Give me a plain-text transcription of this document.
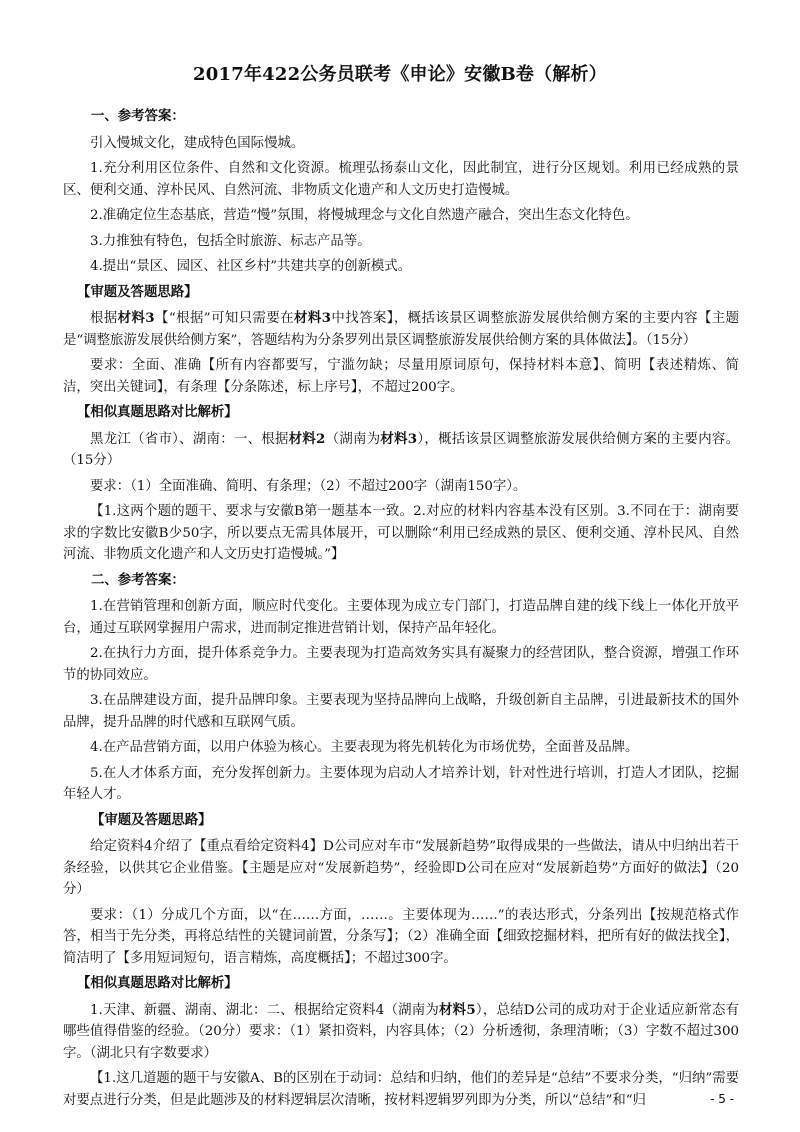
2017年422公务员联考《申论》安徽B卷（解析）

一、参考答案：

引入慢城文化，建成特色国际慢城。

1.充分利用区位条件、自然和文化资源。梳理弘扬泰山文化，因此制宜，进行分区规划。利用已经成熟的景区、便利交通、淳朴民风、自然河流、非物质文化遗产和人文历史打造慢城。

2.准确定位生态基底，营造“慢”氛围，将慢城理念与文化自然遗产融合，突出生态文化特色。

3.力推独有特色，包括全时旅游、标志产品等。

4.提出“景区、园区、社区乡村”共建共享的创新模式。

【审题及答题思路】

根据材料3【“根据”可知只需要在材料3中找答案】，概括该景区调整旅游发展供给侧方案的主要内容【主题是“调整旅游发展供给侧方案”，答题结构为分条罗列出景区调整旅游发展供给侧方案的具体做法】。（15分）

要求：全面、准确【所有内容都要写，宁滥勿缺；尽量用原词原句，保持材料本意】、简明【表述精炼、简洁，突出关键词】，有条理【分条陈述，标上序号】，不超过200字。

【相似真题思路对比解析】

黑龙江（省市）、湖南：一、根据材料2（湖南为材料3），概括该景区调整旅游发展供给侧方案的主要内容。（15分）

要求：（1）全面准确、简明、有条理；（2）不超过200字（湖南150字）。

【1.这两个题的题干、要求与安徽B第一题基本一致。2.对应的材料内容基本没有区别。3.不同在于：湖南要求的字数比安徽B少50字，所以要点无需具体展开，可以删除“利用已经成熟的景区、便利交通、淳朴民风、自然河流、非物质文化遗产和人文历史打造慢城。”】

二、参考答案：

1.在营销管理和创新方面，顺应时代变化。主要体现为成立专门部门，打造品牌自建的线下线上一体化开放平台，通过互联网掌握用户需求，进而制定推进营销计划，保持产品年轻化。

2.在执行力方面，提升体系竞争力。主要表现为打造高效务实具有凝聚力的经营团队，整合资源，增强工作环节的协同效应。

3.在品牌建设方面，提升品牌印象。主要表现为坚持品牌向上战略，升级创新自主品牌，引进最新技术的国外品牌，提升品牌的时代感和互联网气质。

4.在产品营销方面，以用户体验为核心。主要表现为将先机转化为市场优势，全面普及品牌。

5.在人才体系方面，充分发挥创新力。主要体现为启动人才培养计划，针对性进行培训，打造人才团队，挖掘年轻人才。

【审题及答题思路】

给定资料4介绍了【重点看给定资料4】D公司应对车市“发展新趋势”取得成果的一些做法，请从中归纳出若干条经验，以供其它企业借鉴。【主题是应对“发展新趋势”，经验即D公司在应对“发展新趋势”方面好的做法】（20分）

要求：（1）分成几个方面，以“在……方面，……。主要体现为……”的表达形式，分条列出【按规范格式作答，相当于先分类，再将总结性的关键词前置，分条写】；（2）准确全面【细致挖掘材料，把所有好的做法找全】，简洁明了【多用短词短句，语言精炼，高度概括】；不超过300字。

【相似真题思路对比解析】

1.天津、新疆、湖南、湖北：二、根据给定资料4（湖南为材料5），总结D公司的成功对于企业适应新常态有哪些值得借鉴的经验。（20分）要求：（1）紧扣资料，内容具体；（2）分析透彻，条理清晰；（3）字数不超过300字。（湖北只有字数要求）

【1.这几道题的题干与安徽A、B的区别在于动词：总结和归纳，他们的差异是“总结”不要求分类，“归纳”需要对要点进行分类，但是此题涉及的材料逻辑层次清晰，按材料逻辑罗列即为分类，所以“总结”和“归	- 5 -
